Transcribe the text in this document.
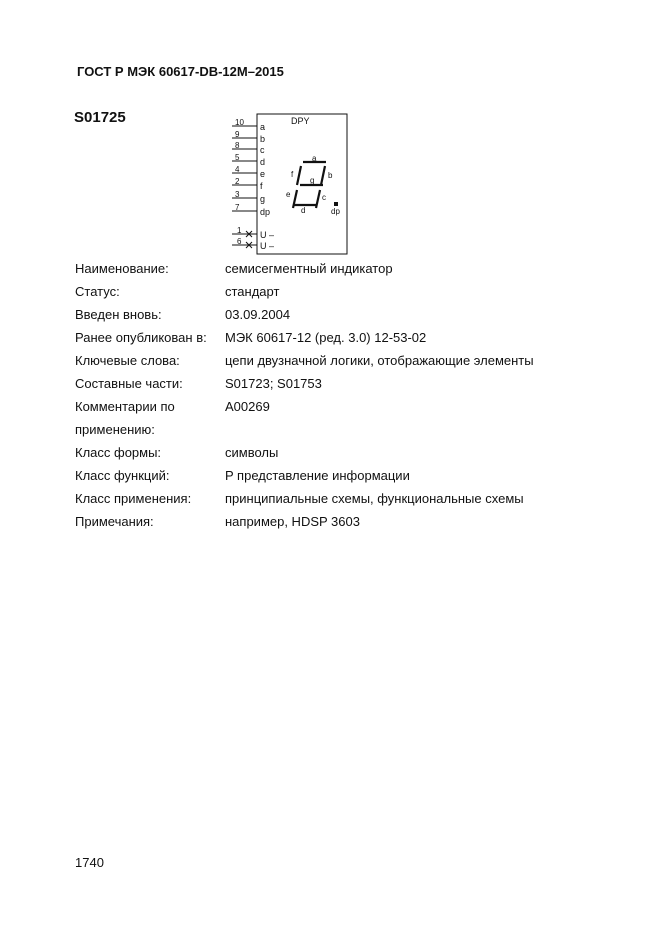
ГОСТ Р МЭК 60617-DB-12M–2015
S01725	DPY
10 a
9 b
8 c
5 d
4 e
2 f
3 g
7 dp
1 U –
6 U –
a
b
c
d
e
f
g
dp
Наименование:	семисегментный индикатор
Статус:	стандарт
Введен вновь:	03.09.2004
Ранее опубликован в:	МЭК 60617-12 (ред. 3.0) 12-53-02
Ключевые слова:	цепи двузначной логики, отображающие элементы
Составные части:	S01723; S01753
Комментарии по	A00269
применению:
Класс формы:	символы
Класс функций:	P представление информации
Класс применения:	принципиальные схемы, функциональные схемы
Примечания:	например, HDSP 3603
1740
